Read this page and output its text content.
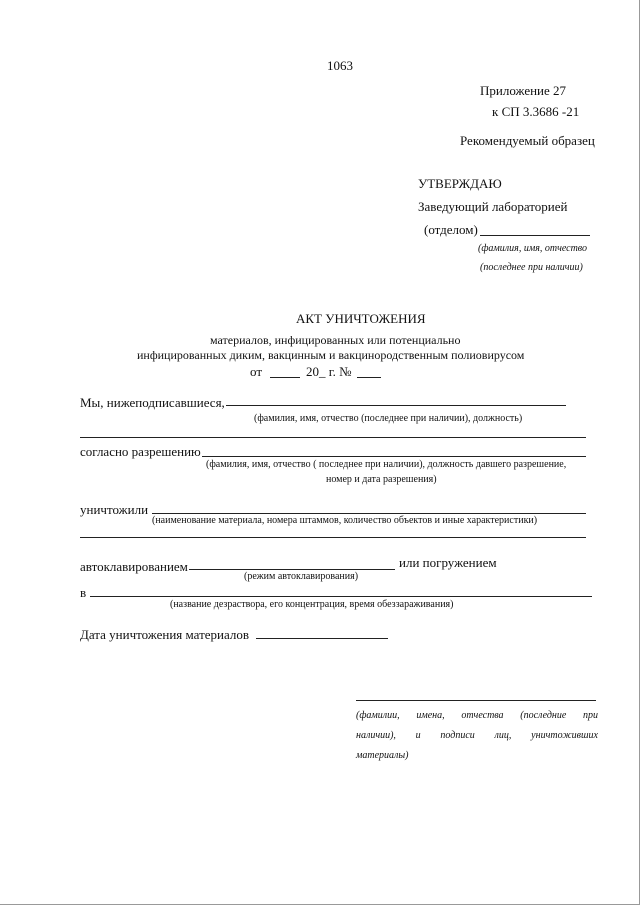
1063
Приложение 27
к СП 3.3686 -21
Рекомендуемый образец
УТВЕРЖДАЮ
Заведующий лабораторией
(отделом)
(фамилия, имя, отчество
(последнее при наличии)
АКТ УНИЧТОЖЕНИЯ
материалов, инфицированных или потенциально
инфицированных диким, вакцинным и вакцинородственным полиовирусом
от	20_ г. №
Мы, нижеподписавшиеся,
(фамилия, имя, отчество (последнее при наличии), должность)
согласно разрешению
(фамилия, имя, отчество ( последнее при наличии), должность давшего разрешение,
номер и дата разрешения)
уничтожили
(наименование материала, номера штаммов, количество объектов и иные характеристики)
автоклавированием	или погружением
(режим автоклавирования)
в
(название дезраствора, его концентрация, время обеззараживания)
Дата уничтожения материалов
(фамилии, имена, отчества (последние при
наличии), и подписи лиц, уничтоживших
материалы)
